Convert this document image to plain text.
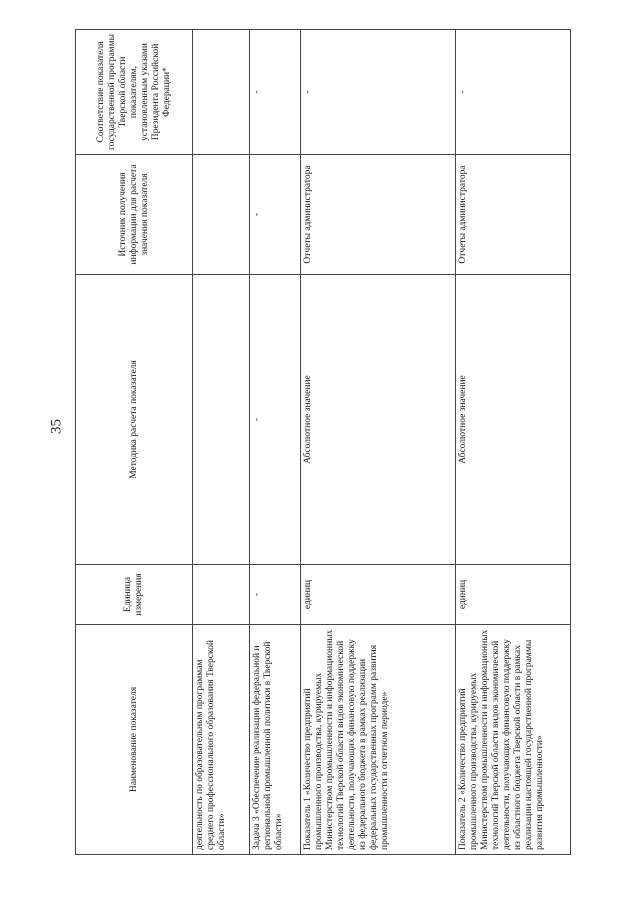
35
Наименование показателя	Единица измерения	Методика расчета показателя	Источник получения информации для расчета значения показателя	Соответствие показателя государственной программы Тверской области показателям, установленным указами Президента Российской Федерации*
деятельность по образовательным программам среднего профессионального образования Тверской области»				
Задача 3 «Обеспечение реализации федеральной и региональной промышленной политики в Тверской области»	-	-	-	-
Показатель 1 «Количество предприятий промышленного производства, курируемых Министерством промышленности и информационных технологий Тверской области видов экономической деятельности, получающих финансовую поддержку из федерального бюджета в рамках реализации федеральных государственных программ развития промышленности в отчетном периоде»	единиц	Абсолютное значение	Отчеты администратора	-
Показатель 2 «Количество предприятий промышленного производства, курируемых Министерством промышленности и информационных технологий Тверской области видов экономической деятельности, получающих финансовую поддержку из областного бюджета Тверской области в рамках реализации настоящей государственной программы развития промышленности»	единиц	Абсолютное значение	Отчеты администратора	-
